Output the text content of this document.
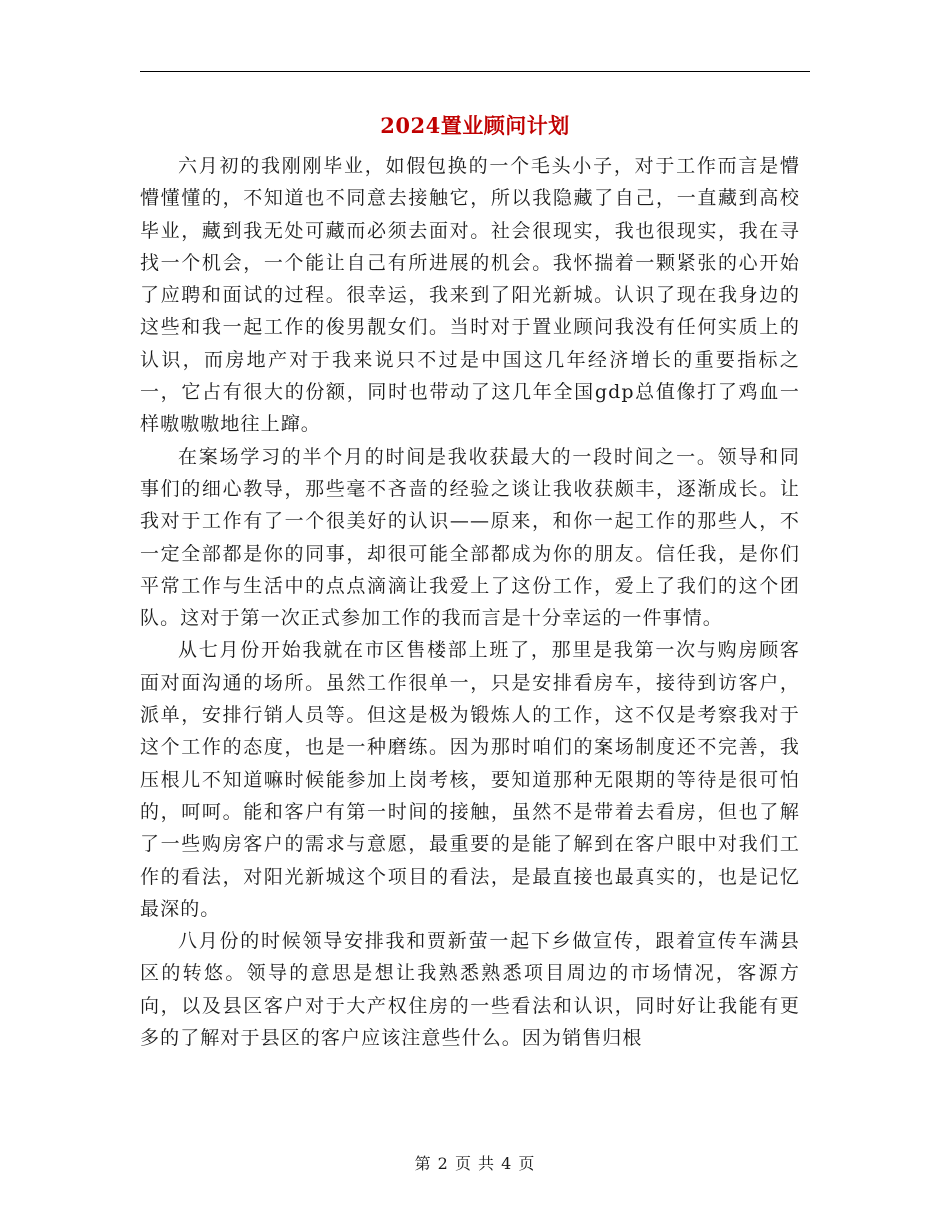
2024置业顾问计划

六月初的我刚刚毕业，如假包换的一个毛头小子，对于工作而言是懵懵懂懂的，不知道也不同意去接触它，所以我隐藏了自己，一直藏到高校毕业，藏到我无处可藏而必须去面对。社会很现实，我也很现实，我在寻找一个机会，一个能让自己有所进展的机会。我怀揣着一颗紧张的心开始了应聘和面试的过程。很幸运，我来到了阳光新城。认识了现在我身边的这些和我一起工作的俊男靓女们。当时对于置业顾问我没有任何实质上的认识，而房地产对于我来说只不过是中国这几年经济增长的重要指标之一，它占有很大的份额，同时也带动了这几年全国gdp总值像打了鸡血一样嗷嗷嗷地往上蹿。

在案场学习的半个月的时间是我收获最大的一段时间之一。领导和同事们的细心教导，那些毫不吝啬的经验之谈让我收获颇丰，逐渐成长。让我对于工作有了一个很美好的认识——原来，和你一起工作的那些人，不一定全部都是你的同事，却很可能全部都成为你的朋友。信任我，是你们平常工作与生活中的点点滴滴让我爱上了这份工作，爱上了我们的这个团队。这对于第一次正式参加工作的我而言是十分幸运的一件事情。

从七月份开始我就在市区售楼部上班了，那里是我第一次与购房顾客面对面沟通的场所。虽然工作很单一，只是安排看房车，接待到访客户，派单，安排行销人员等。但这是极为锻炼人的工作，这不仅是考察我对于这个工作的态度，也是一种磨练。因为那时咱们的案场制度还不完善，我压根儿不知道嘛时候能参加上岗考核，要知道那种无限期的等待是很可怕的，呵呵。能和客户有第一时间的接触，虽然不是带着去看房，但也了解了一些购房客户的需求与意愿，最重要的是能了解到在客户眼中对我们工作的看法，对阳光新城这个项目的看法，是最直接也最真实的，也是记忆最深的。

八月份的时候领导安排我和贾新萤一起下乡做宣传，跟着宣传车满县区的转悠。领导的意思是想让我熟悉熟悉项目周边的市场情况，客源方向，以及县区客户对于大产权住房的一些看法和认识，同时好让我能有更多的了解对于县区的客户应该注意些什么。因为销售归根

第 2 页 共 4 页
